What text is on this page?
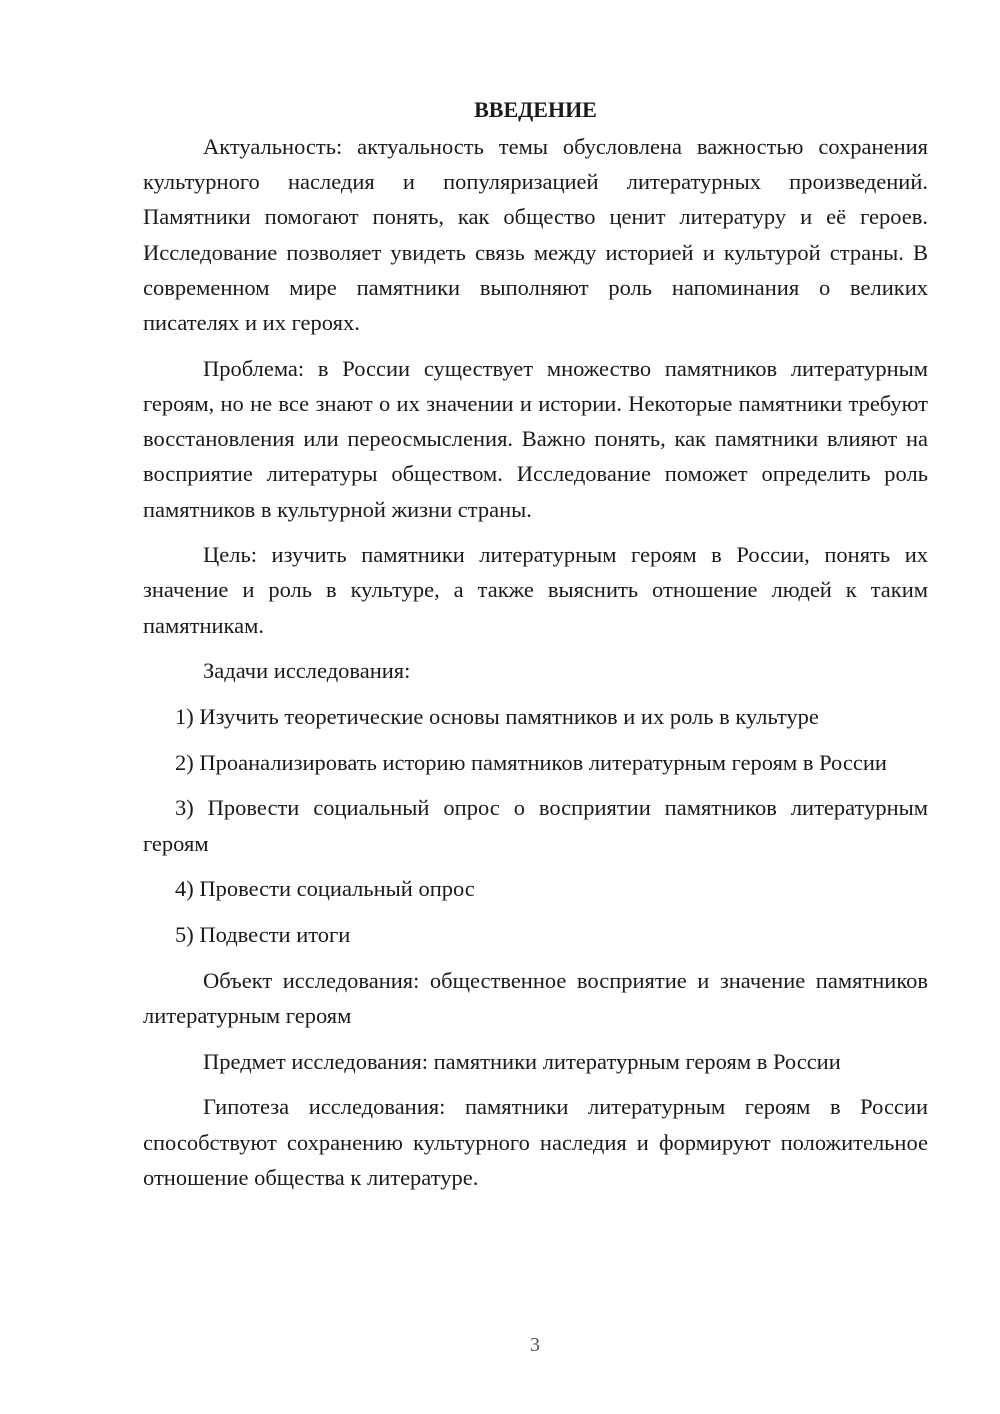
ВВЕДЕНИЕ

Актуальность: актуальность темы обусловлена важностью сохранения культурного наследия и популяризацией литературных произведений. Памятники помогают понять, как общество ценит литературу и её героев. Исследование позволяет увидеть связь между историей и культурой страны. В современном мире памятники выполняют роль напоминания о великих писателях и их героях.

Проблема: в России существует множество памятников литературным героям, но не все знают о их значении и истории. Некоторые памятники требуют восстановления или переосмысления. Важно понять, как памятники влияют на восприятие литературы обществом. Исследование поможет определить роль памятников в культурной жизни страны.

Цель: изучить памятники литературным героям в России, понять их значение и роль в культуре, а также выяснить отношение людей к таким памятникам.

Задачи исследования:

1) Изучить теоретические основы памятников и их роль в культуре

2) Проанализировать историю памятников литературным героям в России

3) Провести социальный опрос о восприятии памятников литературным героям

4) Провести социальный опрос

5) Подвести итоги

Объект исследования: общественное восприятие и значение памятников литературным героям

Предмет исследования: памятники литературным героям в России

Гипотеза исследования: памятники литературным героям в России способствуют сохранению культурного наследия и формируют положительное отношение общества к литературе.

3
